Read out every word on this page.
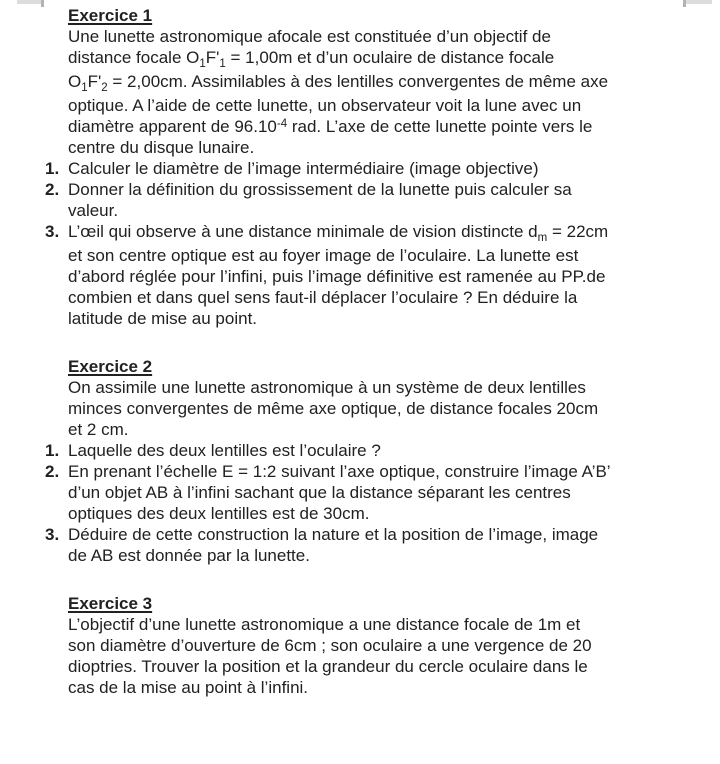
Exercice 1

Une lunette astronomique afocale est constituée d’un objectif de
distance focale $O_1F'_1 = 1,00m$ et d’un oculaire de distance focale
$O_1F'_2 = 2,00cm$. Assimilables à des lentilles convergentes de même axe
optique. A l’aide de cette lunette, un observateur voit la lune avec un
diamètre apparent de $96.10^{-4}$ rad. L’axe de cette lunette pointe vers le
centre du disque lunaire.

1. Calculer le diamètre de l’image intermédiaire (image objective)
2. Donner la définition du grossissement de la lunette puis calculer sa
valeur.
3. L’œil qui observe à une distance minimale de vision distincte $d_m = 22cm$
et son centre optique est au foyer image de l’oculaire. La lunette est
d’abord réglée pour l’infini, puis l’image définitive est ramenée au PP.de
combien et dans quel sens faut-il déplacer l’oculaire ? En déduire la
latitude de mise au point.
Exercice 2

On assimile une lunette astronomique à un système de deux lentilles
minces convergentes de même axe optique, de distance focales 20cm
et 2 cm.

1. Laquelle des deux lentilles est l’oculaire ?
2. En prenant l’échelle E = 1:2 suivant l’axe optique, construire l’image A’B’
d’un objet AB à l’infini sachant que la distance séparant les centres
optiques des deux lentilles est de 30cm.
3. Déduire de cette construction la nature et la position de l’image, image
de AB est donnée par la lunette.
Exercice 3

L’objectif d’une lunette astronomique a une distance focale de 1m et
son diamètre d’ouverture de 6cm ; son oculaire a une vergence de 20
dioptries. Trouver la position et la grandeur du cercle oculaire dans le
cas de la mise au point à l’infini.
